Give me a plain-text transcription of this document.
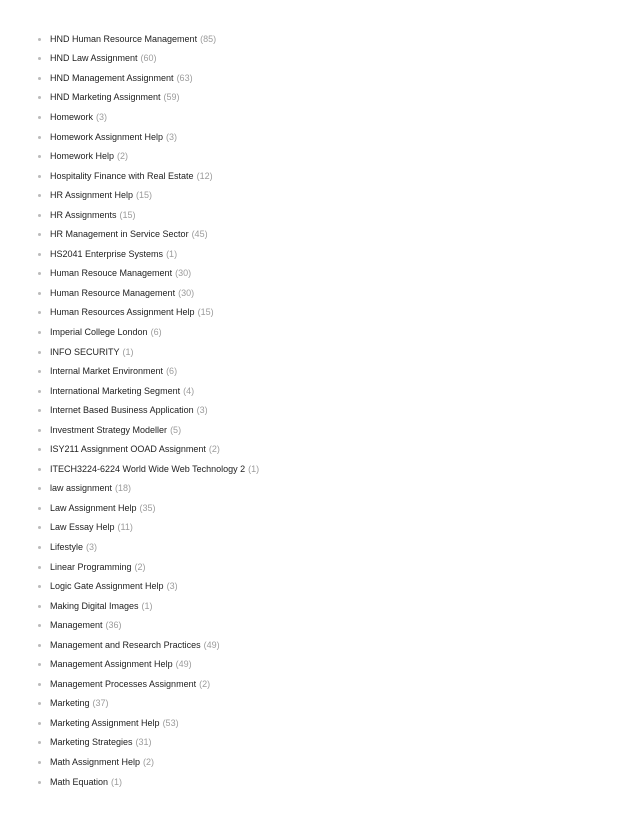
HND Human Resource Management (85)
HND Law Assignment (60)
HND Management Assignment (63)
HND Marketing Assignment (59)
Homework (3)
Homework Assignment Help (3)
Homework Help (2)
Hospitality Finance with Real Estate (12)
HR Assignment Help (15)
HR Assignments (15)
HR Management in Service Sector (45)
HS2041 Enterprise Systems (1)
Human Resouce Management (30)
Human Resource Management (30)
Human Resources Assignment Help (15)
Imperial College London (6)
INFO SECURITY (1)
Internal Market Environment (6)
International Marketing Segment (4)
Internet Based Business Application (3)
Investment Strategy Modeller (5)
ISY211 Assignment OOAD Assignment (2)
ITECH3224-6224 World Wide Web Technology 2 (1)
law assignment (18)
Law Assignment Help (35)
Law Essay Help (11)
Lifestyle (3)
Linear Programming (2)
Logic Gate Assignment Help (3)
Making Digital Images (1)
Management (36)
Management and Research Practices (49)
Management Assignment Help (49)
Management Processes Assignment (2)
Marketing (37)
Marketing Assignment Help (53)
Marketing Strategies (31)
Math Assignment Help (2)
Math Equation (1)
